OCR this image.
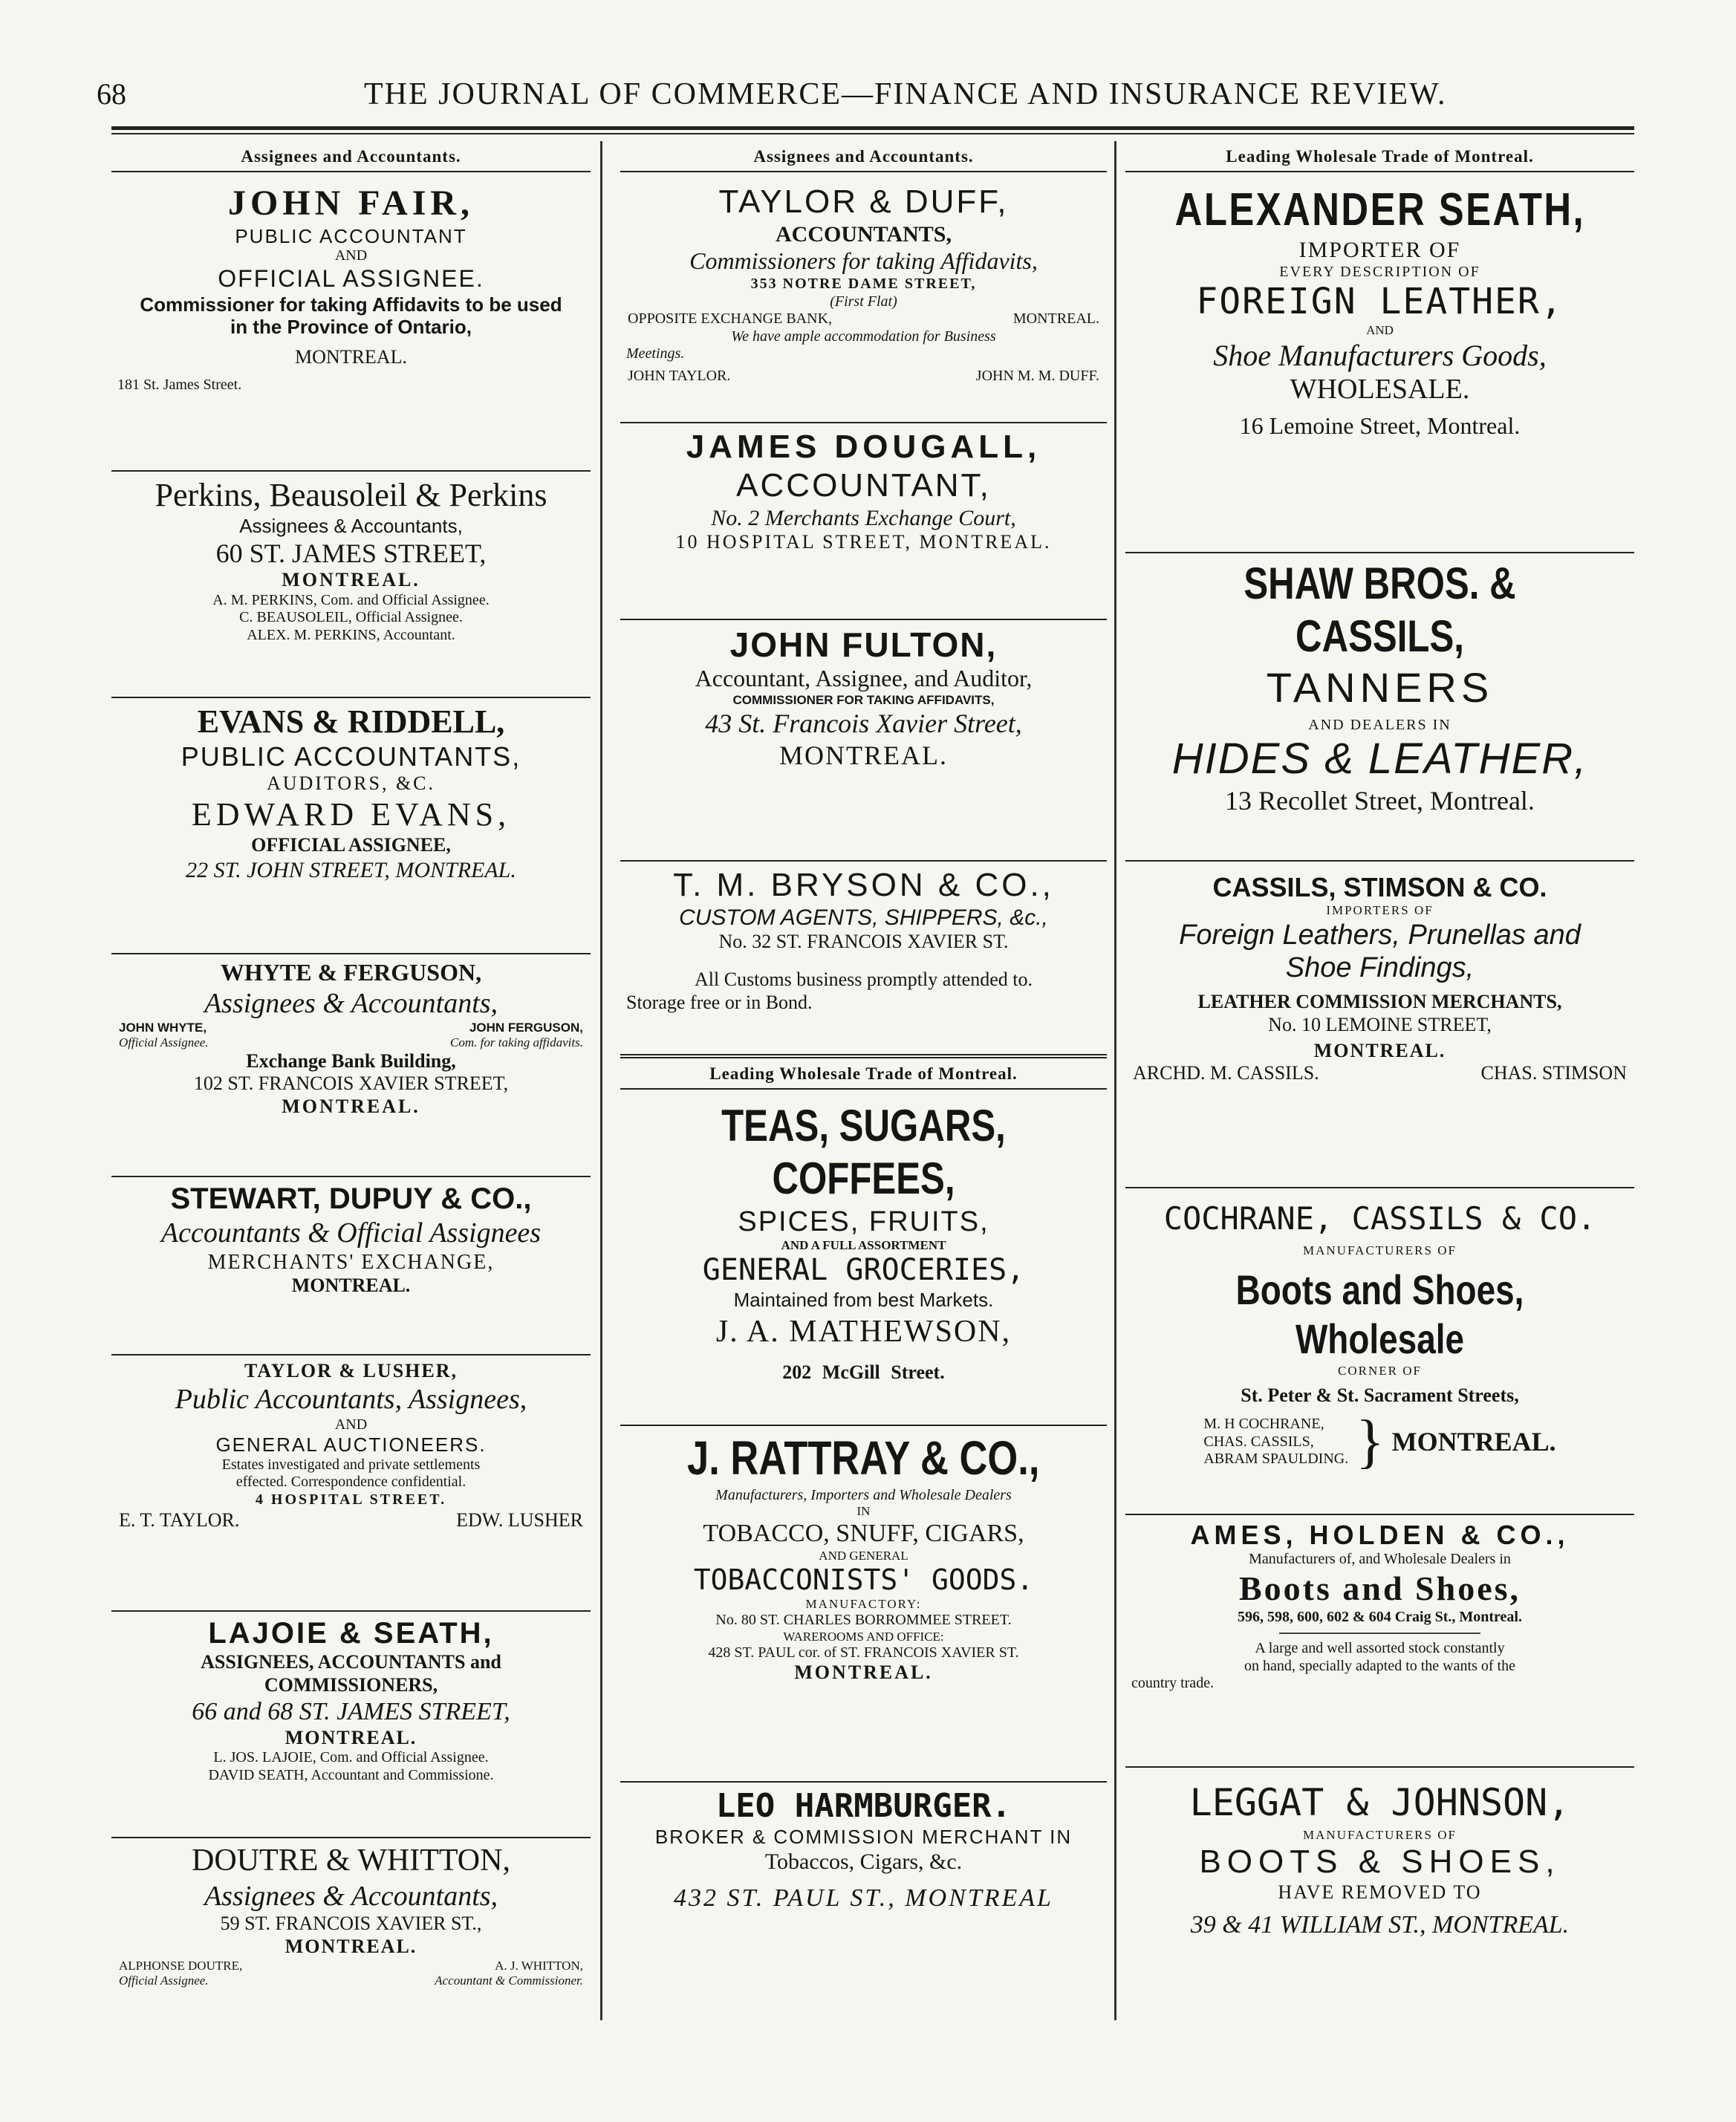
68	THE JOURNAL OF COMMERCE—FINANCE AND INSURANCE REVIEW.
Assignees and Accountants.
JOHN FAIR,
PUBLIC ACCOUNTANT
AND
OFFICIAL ASSIGNEE.
Commissioner for taking Affidavits to be used
in the Province of Ontario,
MONTREAL.
181 St. James Street.
Perkins, Beausoleil & Perkins
Assignees & Accountants,
60 ST. JAMES STREET,
MONTREAL.
A. M. PERKINS, Com. and Official Assignee.
C. BEAUSOLEIL, Official Assignee.
ALEX. M. PERKINS, Accountant.
EVANS & RIDDELL,
PUBLIC ACCOUNTANTS,
AUDITORS, &C.
EDWARD EVANS,
OFFICIAL ASSIGNEE,
22 ST. JOHN STREET, MONTREAL.
WHYTE & FERGUSON,
Assignees & Accountants,
JOHN WHYTE,	JOHN FERGUSON,
Official Assignee.	Com. for taking affidavits.
Exchange Bank Building,
102 ST. FRANCOIS XAVIER STREET,
MONTREAL.
STEWART, DUPUY & CO.,
Accountants & Official Assignees
MERCHANTS' EXCHANGE,
MONTREAL.
TAYLOR & LUSHER,
Public Accountants, Assignees,
AND
GENERAL AUCTIONEERS.
Estates investigated and private settlements
effected. Correspondence confidential.
4 HOSPITAL STREET.
E. T. TAYLOR.	EDW. LUSHER
LAJOIE & SEATH,
ASSIGNEES, ACCOUNTANTS and
COMMISSIONERS,
66 and 68 ST. JAMES STREET,
MONTREAL.
L. JOS. LAJOIE, Com. and Official Assignee.
DAVID SEATH, Accountant and Commissione.
DOUTRE & WHITTON,
Assignees & Accountants,
59 ST. FRANCOIS XAVIER ST.,
MONTREAL.
ALPHONSE DOUTRE,	A. J. WHITTON,
Official Assignee.	Accountant & Commissioner.
Assignees and Accountants.
TAYLOR & DUFF,
ACCOUNTANTS,
Commissioners for taking Affidavits,
353 NOTRE DAME STREET,
(First Flat)
OPPOSITE EXCHANGE BANK,	MONTREAL.
We have ample accommodation for Business
Meetings.
JOHN TAYLOR.	JOHN M. M. DUFF.
JAMES DOUGALL,
ACCOUNTANT,
No. 2 Merchants Exchange Court,
10 HOSPITAL STREET, MONTREAL.
JOHN FULTON,
Accountant, Assignee, and Auditor,
COMMISSIONER FOR TAKING AFFIDAVITS,
43 St. Francois Xavier Street,
MONTREAL.
T. M. BRYSON & CO.,
CUSTOM AGENTS, SHIPPERS, &c.,
No. 32 ST. FRANCOIS XAVIER ST.
All Customs business promptly attended to.
Storage free or in Bond.
Leading Wholesale Trade of Montreal.
TEAS, SUGARS, COFFEES,
SPICES, FRUITS,
AND A FULL ASSORTMENT
GENERAL GROCERIES,
Maintained from best Markets.
J. A. MATHEWSON,
202 McGill Street.
J. RATTRAY & CO.,
Manufacturers, Importers and Wholesale Dealers
IN
TOBACCO, SNUFF, CIGARS,
AND GENERAL
TOBACCONISTS' GOODS.
MANUFACTORY:
No. 80 ST. CHARLES BORROMMEE STREET.
WAREROOMS AND OFFICE:
428 ST. PAUL cor. of ST. FRANCOIS XAVIER ST.
MONTREAL.
LEO HARMBURGER.
BROKER & COMMISSION MERCHANT IN
Tobaccos, Cigars, &c.
432 ST. PAUL ST., MONTREAL
Leading Wholesale Trade of Montreal.
ALEXANDER SEATH,
IMPORTER OF
EVERY DESCRIPTION OF
FOREIGN LEATHER,
AND
Shoe Manufacturers Goods,
WHOLESALE.
16 Lemoine Street, Montreal.
SHAW BROS. & CASSILS,
TANNERS
AND DEALERS IN
HIDES & LEATHER,
13 Recollet Street, Montreal.
CASSILS, STIMSON & CO.
IMPORTERS OF
Foreign Leathers, Prunellas and
Shoe Findings,
LEATHER COMMISSION MERCHANTS,
No. 10 LEMOINE STREET,
MONTREAL.
ARCHD. M. CASSILS.	CHAS. STIMSON
COCHRANE, CASSILS & CO.
MANUFACTURERS OF
Boots and Shoes, Wholesale
CORNER OF
St. Peter & St. Sacrament Streets,
M. H COCHRANE,
CHAS. CASSILS,
ABRAM SPAULDING. } MONTREAL.
AMES, HOLDEN & CO.,
Manufacturers of, and Wholesale Dealers in
Boots and Shoes,
596, 598, 600, 602 & 604 Craig St., Montreal.
A large and well assorted stock constantly
on hand, specially adapted to the wants of the
country trade.
LEGGAT & JOHNSON,
MANUFACTURERS OF
BOOTS & SHOES,
HAVE REMOVED TO
39 & 41 WILLIAM ST., MONTREAL.
